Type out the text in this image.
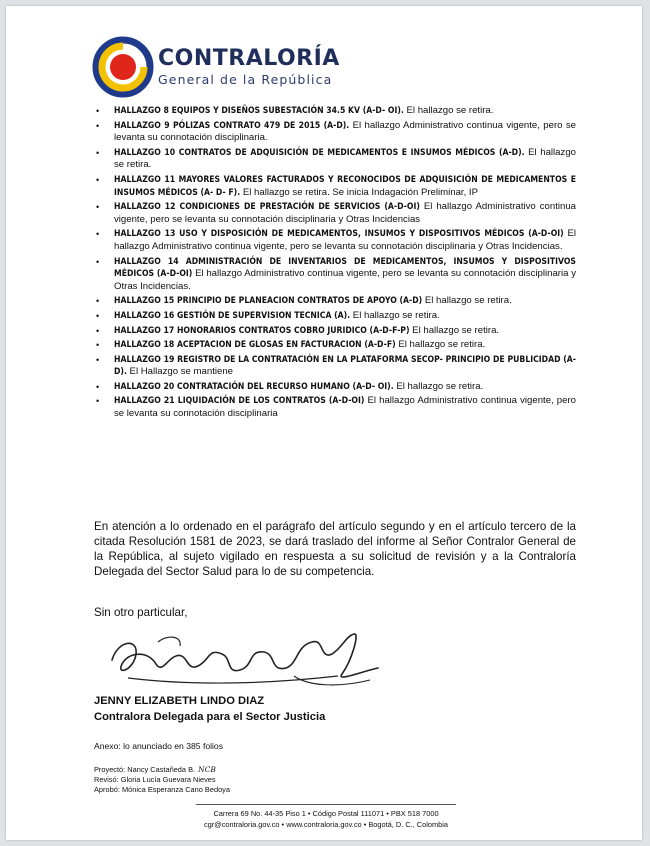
CONTRALORÍA
General de la República
• HALLAZGO 8 EQUIPOS Y DISEÑOS SUBESTACIÓN 34.5 KV (A-D- OI). El hallazgo se retira.
• HALLAZGO 9 PÓLIZAS CONTRATO 479 DE 2015 (A-D). El hallazgo Administrativo continua vigente, pero se levanta su connotación disciplinaria.
• HALLAZGO 10 CONTRATOS DE ADQUISICIÓN DE MEDICAMENTOS E INSUMOS MÉDICOS (A-D). El hallazgo se retira.
• HALLAZGO 11 MAYORES VALORES FACTURADOS Y RECONOCIDOS DE ADQUISICIÓN DE MEDICAMENTOS E INSUMOS MÉDICOS (A- D- F). El hallazgo se retira. Se inicia Indagación Preliminar, IP
• HALLAZGO 12 CONDICIONES DE PRESTACIÓN DE SERVICIOS (A-D-OI) El hallazgo Administrativo continua vigente, pero se levanta su connotación disciplinaria y Otras Incidencias
• HALLAZGO 13 USO Y DISPOSICIÓN DE MEDICAMENTOS, INSUMOS Y DISPOSITIVOS MÉDICOS (A-D-OI) El hallazgo Administrativo continua vigente, pero se levanta su connotación disciplinaria y Otras Incidencias.
• HALLAZGO 14 ADMINISTRACIÓN DE INVENTARIOS DE MEDICAMENTOS, INSUMOS Y DISPOSITIVOS MÉDICOS (A-D-OI) El hallazgo Administrativo continua vigente, pero se levanta su connotación disciplinaria y Otras Incidencias.
• HALLAZGO 15 PRINCIPIO DE PLANEACION CONTRATOS DE APOYO (A-D) El hallazgo se retira.
• HALLAZGO 16 GESTIÓN DE SUPERVISION TECNICA (A). El hallazgo se retira.
• HALLAZGO 17 HONORARIOS CONTRATOS COBRO JURIDICO (A-D-F-P) El hallazgo se retira.
• HALLAZGO 18 ACEPTACION DE GLOSAS EN FACTURACION (A-D-F) El hallazgo se retira.
• HALLAZGO 19 REGISTRO DE LA CONTRATACIÓN EN LA PLATAFORMA SECOP- PRINCIPIO DE PUBLICIDAD (A-D). El Hallazgo se mantiene
• HALLAZGO 20 CONTRATACIÓN DEL RECURSO HUMANO (A-D- OI). El hallazgo se retira.
• HALLAZGO 21 LIQUIDACIÓN DE LOS CONTRATOS (A-D-OI) El hallazgo Administrativo continua vigente, pero se levanta su connotación disciplinaria

En atención a lo ordenado en el parágrafo del artículo segundo y en el artículo tercero de la citada Resolución 1581 de 2023, se dará traslado del informe al Señor Contralor General de la República, al sujeto vigilado en respuesta a su solicitud de revisión y a la Contraloría Delegada del Sector Salud para lo de su competencia.

Sin otro particular,

JENNY ELIZABETH LINDO DIAZ

Contralora Delegada para el Sector Justicia

Anexo: lo anunciado en 385 folios

Proyectó: Nancy Castañeda B. NCB
Revisó: Gloria Lucía Guevara Nieves
Aprobó: Mónica Esperanza Cano Bedoya

Carrera 69 No. 44-35 Piso 1 • Código Postal 111071 • PBX 518 7000

cgr@contraloria.gov.co • www.contraloria.gov.co • Bogotá, D. C., Colombia
